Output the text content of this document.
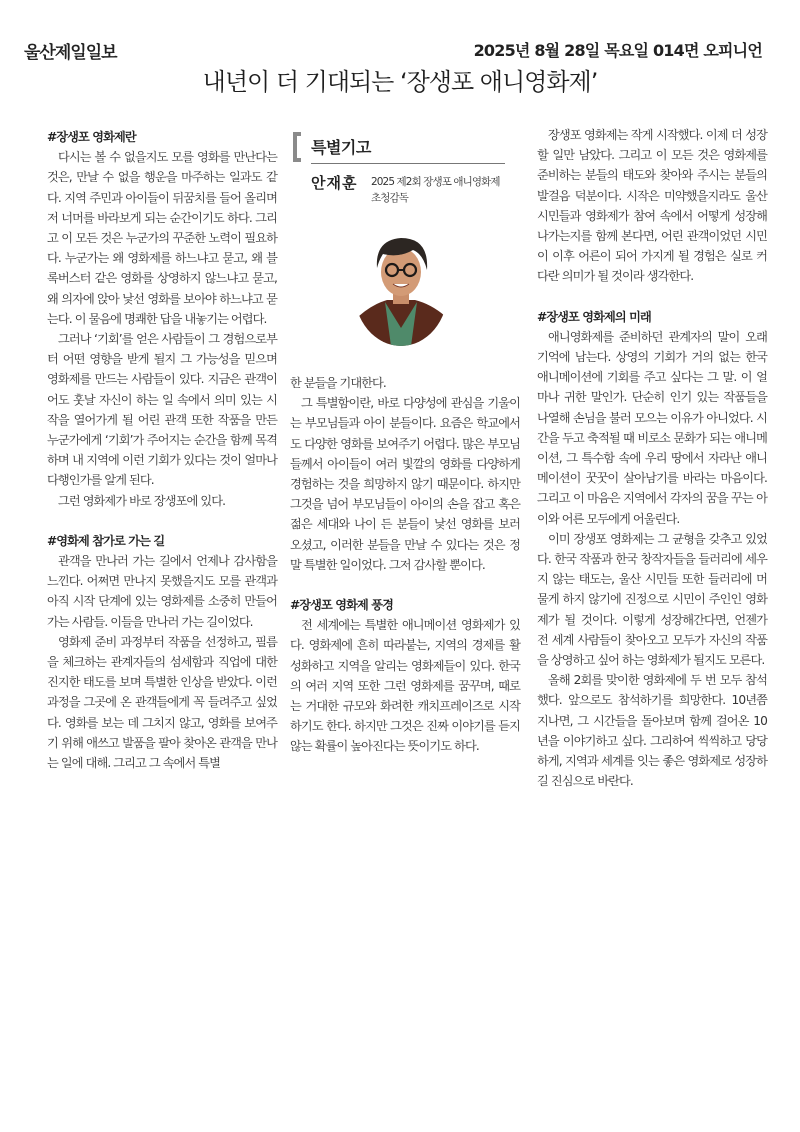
울산제일일보	2025년 8월 28일 목요일 014면 오피니언
내년이 더 기대되는 ‘장생포 애니영화제’
특별기고
안재훈 2025 제2회 장생포 애니영화제 초청감독
#장생포 영화제란

다시는 볼 수 없을지도 모를 영화를 만난다는 것은, 만날 수 없을 행운을 마주하는 일과도 같다. 지역 주민과 아이들이 뒤꿈치를 들어 올리며 저 너머를 바라보게 되는 순간이기도 하다. 그리고 이 모든 것은 누군가의 꾸준한 노력이 필요하다. 누군가는 왜 영화제를 하느냐고 묻고, 왜 블록버스터 같은 영화를 상영하지 않느냐고 묻고, 왜 의자에 앉아 낯선 영화를 보아야 하느냐고 묻는다. 이 물음에 명쾌한 답을 내놓기는 어렵다.

그러나 ‘기회’를 얻은 사람들이 그 경험으로부터 어떤 영향을 받게 될지 그 가능성을 믿으며 영화제를 만드는 사람들이 있다. 지금은 관객이어도 훗날 자신이 하는 일 속에서 의미 있는 시작을 열어가게 될 어린 관객 또한 작품을 만든 누군가에게 ‘기회’가 주어지는 순간을 함께 목격하며 내 지역에 이런 기회가 있다는 것이 얼마나 다행인가를 알게 된다.

그런 영화제가 바로 장생포에 있다.

#영화제 참가로 가는 길

관객을 만나러 가는 길에서 언제나 감사함을 느낀다. 어쩌면 만나지 못했을지도 모를 관객과 아직 시작 단계에 있는 영화제를 소중히 만들어가는 사람들. 이들을 만나러 가는 길이었다.

영화제 준비 과정부터 작품을 선정하고, 필름을 체크하는 관계자들의 섬세함과 직업에 대한 진지한 태도를 보며 특별한 인상을 받았다. 이런 과정을 그곳에 온 관객들에게 꼭 들려주고 싶었다. 영화를 보는 데 그치지 않고, 영화를 보여주기 위해 애쓰고 발품을 팔아 찾아온 관객을 만나는 일에 대해. 그리고 그 속에서 특별

한 분들을 기대한다.

그 특별함이란, 바로 다양성에 관심을 기울이는 부모님들과 아이 분들이다. 요즘은 학교에서도 다양한 영화를 보여주기 어렵다. 많은 부모님들께서 아이들이 여러 빛깔의 영화를 다양하게 경험하는 것을 희망하지 않기 때문이다. 하지만 그것을 넘어 부모님들이 아이의 손을 잡고 혹은 젊은 세대와 나이 든 분들이 낯선 영화를 보러 오셨고, 이러한 분들을 만날 수 있다는 것은 정말 특별한 일이었다. 그저 감사할 뿐이다.

#장생포 영화제 풍경

전 세계에는 특별한 애니메이션 영화제가 있다. 영화제에 흔히 따라붙는, 지역의 경제를 활성화하고 지역을 알리는 영화제들이 있다. 한국의 여러 지역 또한 그런 영화제를 꿈꾸며, 때로는 거대한 규모와 화려한 캐치프레이즈로 시작하기도 한다. 하지만 그것은 진짜 이야기를 듣지 않는 확률이 높아진다는 뜻이기도 하다.

장생포 영화제는 작게 시작했다. 이제 더 성장할 일만 남았다. 그리고 이 모든 것은 영화제를 준비하는 분들의 태도와 찾아와 주시는 분들의 발걸음 덕분이다. 시작은 미약했을지라도 울산 시민들과 영화제가 참여 속에서 어떻게 성장해 나가는지를 함께 본다면, 어린 관객이었던 시민이 이후 어른이 되어 가지게 될 경험은 실로 커다란 의미가 될 것이라 생각한다.

#장생포 영화제의 미래

애니영화제를 준비하던 관계자의 말이 오래 기억에 남는다. 상영의 기회가 거의 없는 한국 애니메이션에 기회를 주고 싶다는 그 말. 이 얼마나 귀한 말인가. 단순히 인기 있는 작품들을 나열해 손님을 불러 모으는 이유가 아니었다. 시간을 두고 축적될 때 비로소 문화가 되는 애니메이션, 그 특수함 속에 우리 땅에서 자라난 애니메이션이 꿋꿋이 살아남기를 바라는 마음이다. 그리고 이 마음은 지역에서 각자의 꿈을 꾸는 아이와 어른 모두에게 어울린다.

이미 장생포 영화제는 그 균형을 갖추고 있었다. 한국 작품과 한국 창작자들을 들러리에 세우지 않는 태도는, 울산 시민들 또한 들러리에 머물게 하지 않기에 진정으로 시민이 주인인 영화제가 될 것이다. 이렇게 성장해간다면, 언젠가 전 세계 사람들이 찾아오고 모두가 자신의 작품을 상영하고 싶어 하는 영화제가 될지도 모른다.

올해 2회를 맞이한 영화제에 두 번 모두 참석했다. 앞으로도 참석하기를 희망한다. 10년쯤 지나면, 그 시간들을 돌아보며 함께 걸어온 10년을 이야기하고 싶다. 그리하여 씩씩하고 당당하게, 지역과 세계를 잇는 좋은 영화제로 성장하길 진심으로 바란다.
